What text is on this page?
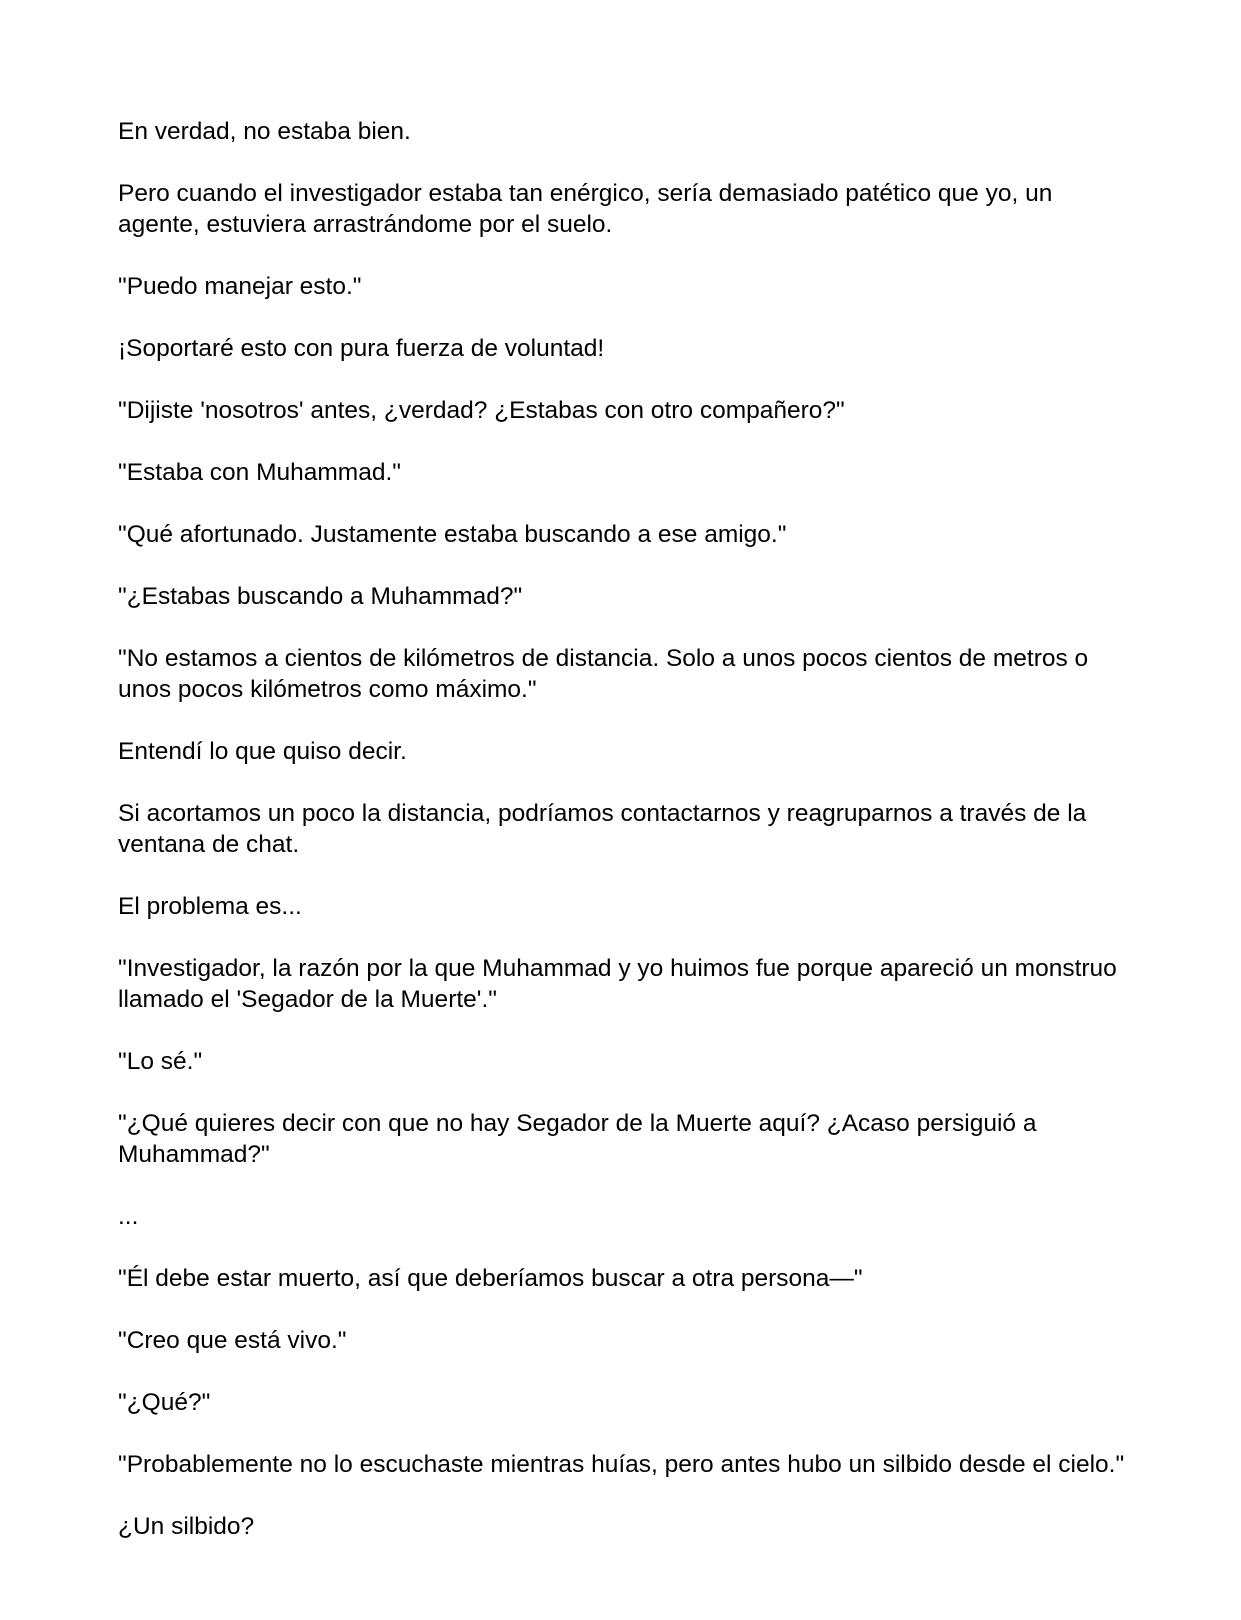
En verdad, no estaba bien.

Pero cuando el investigador estaba tan enérgico, sería demasiado patético que yo, un agente, estuviera arrastrándome por el suelo.

"Puedo manejar esto."

¡Soportaré esto con pura fuerza de voluntad!

"Dijiste 'nosotros' antes, ¿verdad? ¿Estabas con otro compañero?"

"Estaba con Muhammad."

"Qué afortunado. Justamente estaba buscando a ese amigo."

"¿Estabas buscando a Muhammad?"

"No estamos a cientos de kilómetros de distancia. Solo a unos pocos cientos de metros o unos pocos kilómetros como máximo."

Entendí lo que quiso decir.

Si acortamos un poco la distancia, podríamos contactarnos y reagruparnos a través de la ventana de chat.

El problema es...

"Investigador, la razón por la que Muhammad y yo huimos fue porque apareció un monstruo llamado el 'Segador de la Muerte'."

"Lo sé."

"¿Qué quieres decir con que no hay Segador de la Muerte aquí? ¿Acaso persiguió a Muhammad?"

...

"Él debe estar muerto, así que deberíamos buscar a otra persona—"

"Creo que está vivo."

"¿Qué?"

"Probablemente no lo escuchaste mientras huías, pero antes hubo un silbido desde el cielo."

¿Un silbido?
